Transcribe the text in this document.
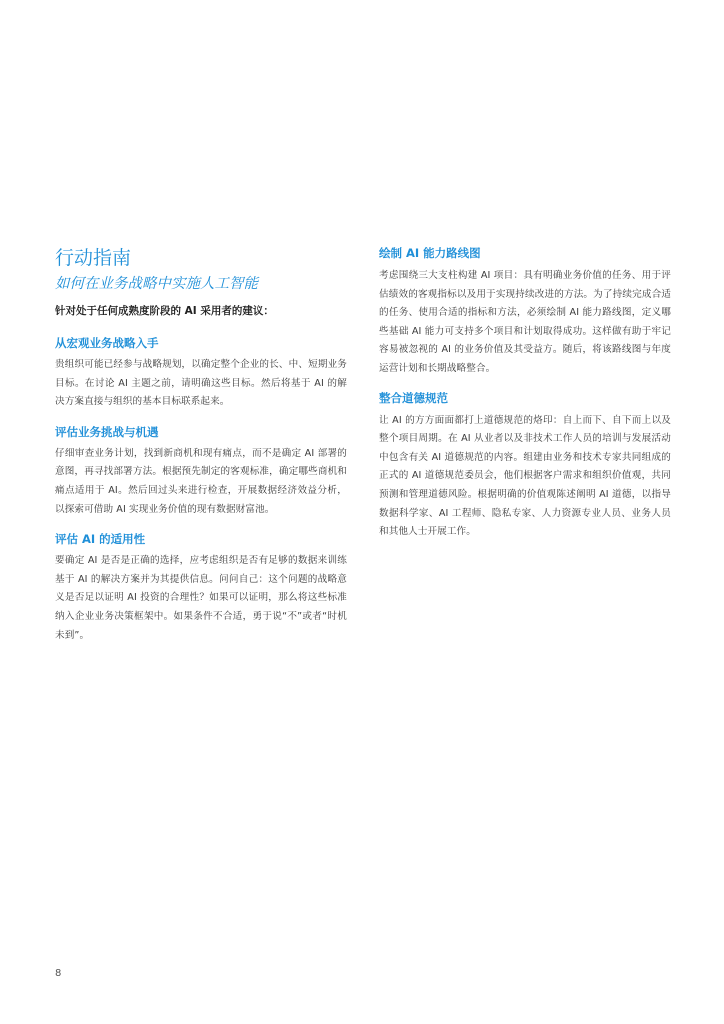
行动指南
如何在业务战略中实施人工智能

针对处于任何成熟度阶段的 AI 采用者的建议：

从宏观业务战略入手

贵组织可能已经参与战略规划，以确定整个企业的长、中、短期业务目标。在讨论 AI 主题之前，请明确这些目标。然后将基于 AI 的解决方案直接与组织的基本目标联系起来。

评估业务挑战与机遇

仔细审查业务计划，找到新商机和现有痛点，而不是确定 AI 部署的意图，再寻找部署方法。根据预先制定的客观标准，确定哪些商机和痛点适用于 AI。然后回过头来进行检查，开展数据经济效益分析，以探索可借助 AI 实现业务价值的现有数据财富池。

评估 AI 的适用性

要确定 AI 是否是正确的选择，应考虑组织是否有足够的数据来训练基于 AI 的解决方案并为其提供信息。问问自己：这个问题的战略意义是否足以证明 AI 投资的合理性？如果可以证明，那么将这些标准纳入企业业务决策框架中。如果条件不合适，勇于说“不”或者“时机未到”。

绘制 AI 能力路线图

考虑围绕三大支柱构建 AI 项目：具有明确业务价值的任务、用于评估绩效的客观指标以及用于实现持续改进的方法。为了持续完成合适的任务、使用合适的指标和方法，必须绘制 AI 能力路线图，定义哪些基础 AI 能力可支持多个项目和计划取得成功。这样做有助于牢记容易被忽视的 AI 的业务价值及其受益方。随后，将该路线图与年度运营计划和长期战略整合。

整合道德规范

让 AI 的方方面面都打上道德规范的烙印：自上而下、自下而上以及整个项目周期。在 AI 从业者以及非技术工作人员的培训与发展活动中包含有关 AI 道德规范的内容。组建由业务和技术专家共同组成的正式的 AI 道德规范委员会，他们根据客户需求和组织价值观，共同预测和管理道德风险。根据明确的价值观陈述阐明 AI 道德，以指导数据科学家、AI 工程师、隐私专家、人力资源专业人员、业务人员和其他人士开展工作。

8
